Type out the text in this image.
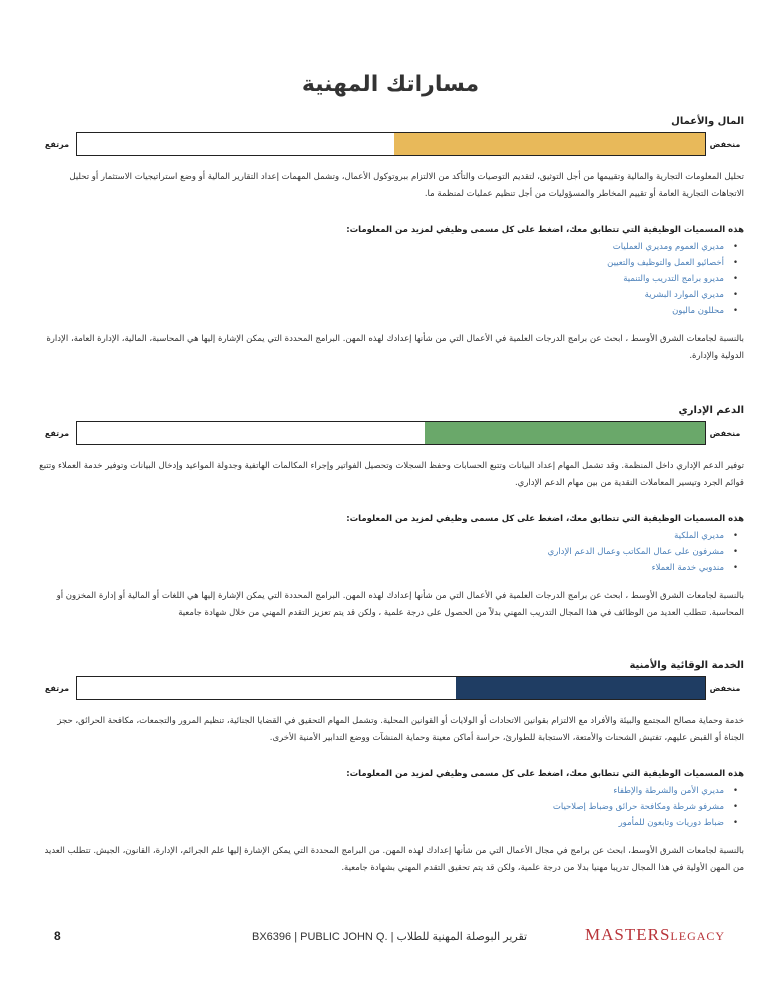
مساراتك المهنية
المال والأعمال
منخفض
مرتفع

تحليل المعلومات التجارية والمالية وتقييمها من أجل التوثيق، لتقديم التوصيات والتأكد من الالتزام ببروتوكول الأعمال، وتشمل المهمات إعداد التقارير المالية أو وضع استراتيجيات الاستثمار أو تحليل الاتجاهات التجارية العامة أو تقييم المخاطر والمسؤوليات من أجل تنظيم عمليات لمنظمة ما.

هذه المسميات الوظيفية التي تتطابق معك، اضغط على كل مسمى وظيفي لمزيد من المعلومات:
• مديري العموم ومديري العمليات
• أخصائيو العمل والتوظيف والتعيين
• مديرو برامج التدريب والتنمية
• مديري الموارد البشرية
• محللون ماليون

بالنسبة لجامعات الشرق الأوسط ، ابحث عن برامج الدرجات العلمية في الأعمال التي من شأنها إعدادك لهذه المهن. البرامج المحددة التي يمكن الإشارة إليها هي المحاسبة، المالية، الإدارة العامة، الإدارة الدولية والإدارة.

الدعم الإداري
منخفض
مرتفع

توفير الدعم الإداري داخل المنظمة. وقد تشمل المهام إعداد البيانات وتتبع الحسابات وحفظ السجلات وتحصيل الفواتير وإجراء المكالمات الهاتفية وجدولة المواعيد وإدخال البيانات وتوفير خدمة العملاء وتتبع قوائم الجرد وتيسير المعاملات النقدية من بين مهام الدعم الإداري.

هذه المسميات الوظيفية التي تتطابق معك، اضغط على كل مسمى وظيفي لمزيد من المعلومات:
• مديري الملكية
• مشرفون على عمال المكاتب وعمال الدعم الإداري
• مندوبي خدمة العملاء

بالنسبة لجامعات الشرق الأوسط ، ابحث عن برامج الدرجات العلمية في الأعمال التي من شأنها إعدادك لهذه المهن. البرامج المحددة التي يمكن الإشارة إليها هي اللغات أو المالية أو إدارة المخزون أو المحاسبة. تتطلب العديد من الوظائف في هذا المجال التدريب المهني بدلاً من الحصول على درجة علمية ، ولكن قد يتم تعزيز التقدم المهني من خلال شهادة جامعية

الخدمة الوقائية والأمنية
منخفض
مرتفع

خدمة وحماية مصالح المجتمع والبيئة والأفراد مع الالتزام بقوانين الاتحادات أو الولايات أو القوانين المحلية. وتشمل المهام التحقيق في القضايا الجنائية، تنظيم المرور والتجمعات، مكافحة الحرائق، حجز الجناة أو القبض عليهم، تفتيش الشحنات والأمتعة، الاستجابة للطوارئ، حراسة أماكن معينة وحماية المنشآت ووضع التدابير الأمنية الأخرى.

هذه المسميات الوظيفية التي تتطابق معك، اضغط على كل مسمى وظيفي لمزيد من المعلومات:
• مديري الأمن والشرطة والإطفاء
• مشرفو شرطة ومكافحة حرائق وضباط إصلاحيات
• ضباط دوريات وتابعون للمأمور

بالنسبة لجامعات الشرق الأوسط، ابحث عن برامج في مجال الأعمال التي من شأنها إعدادك لهذه المهن. من البرامج المحددة التي يمكن الإشارة إليها علم الجرائم، الإدارة، القانون، الجيش. تتطلب العديد من المهن الأولية في هذا المجال تدريبا مهنيا بدلا من درجة علمية، ولكن قد يتم تحقيق التقدم المهني بشهادة جامعية.

8	BX6396 | PUBLIC JOHN Q. | تقرير البوصلة المهنية للطلاب	MASTERSLEGACY
